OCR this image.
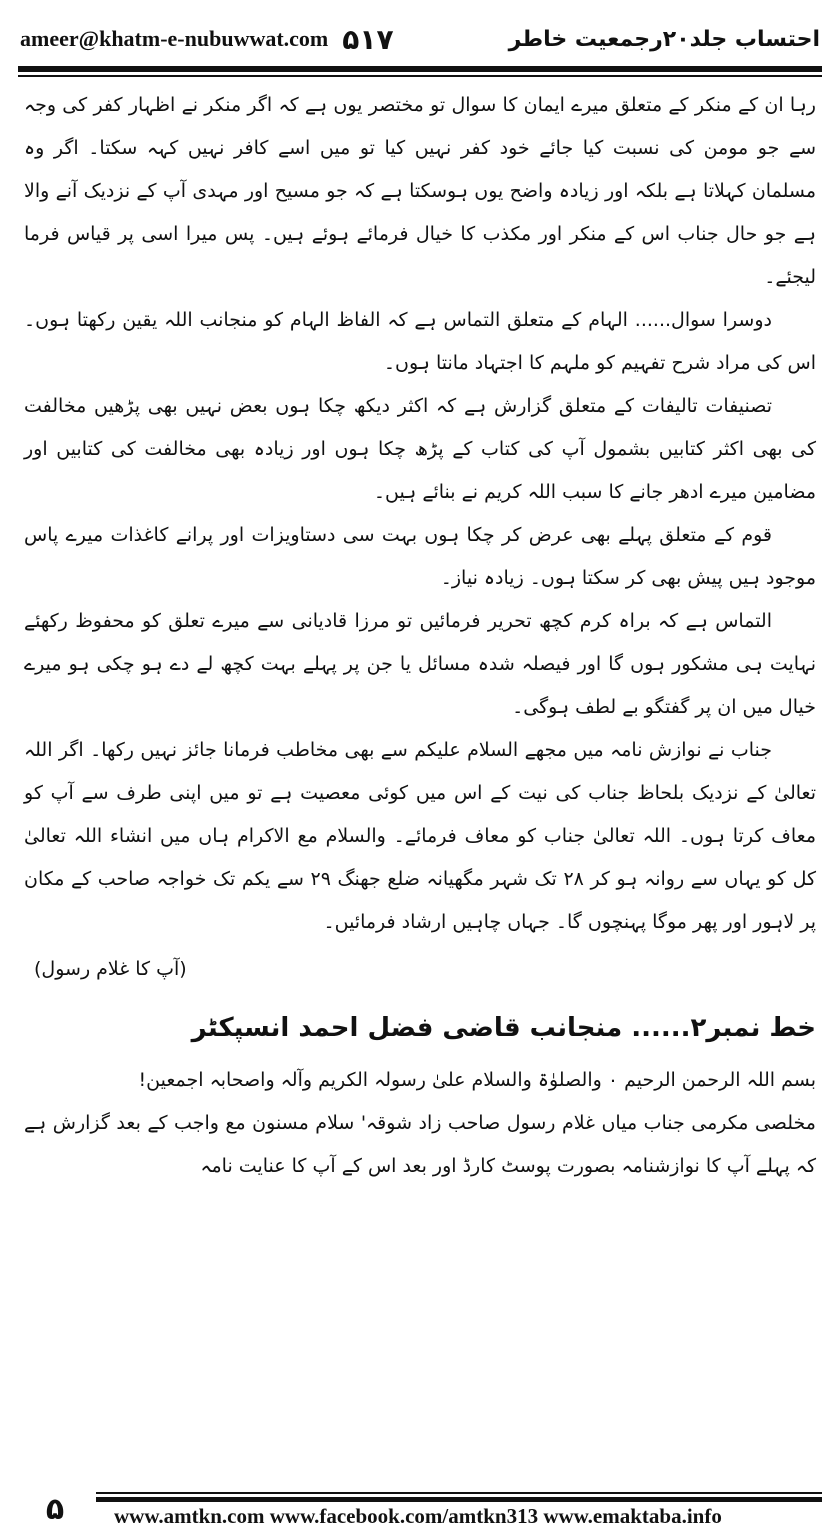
ameer@khatm-e-nubuwwat.com ۵۱۷	احتساب جلد۲۰رجمعیت خاطر

رہا ان کے منکر کے متعلق میرے ایمان کا سوال تو مختصر یوں ہے کہ اگر منکر نے اظہار کفر کی وجہ سے جو مومن کی نسبت کیا جائے خود کفر نہیں کیا تو میں اسے کافر نہیں کہہ سکتا۔ اگر وہ مسلمان کہلاتا ہے بلکہ اور زیادہ واضح یوں ہوسکتا ہے کہ جو مسیح اور مہدی آپ کے نزدیک آنے والا ہے جو حال جناب اس کے منکر اور مکذب کا خیال فرمائے ہوئے ہیں۔ پس میرا اسی پر قیاس فرما لیجئے۔

دوسرا سوال...... الہام کے متعلق التماس ہے کہ الفاظ الہام کو منجانب اللہ یقین رکھتا ہوں۔ اس کی مراد شرح تفہیم کو ملہم کا اجتہاد مانتا ہوں۔

تصنیفات تالیفات کے متعلق گزارش ہے کہ اکثر دیکھ چکا ہوں بعض نہیں بھی پڑھیں مخالفت کی بھی اکثر کتابیں بشمول آپ کی کتاب کے پڑھ چکا ہوں اور زیادہ بھی مخالفت کی کتابیں اور مضامین میرے ادھر جانے کا سبب اللہ کریم نے بنائے ہیں۔

قوم کے متعلق پہلے بھی عرض کر چکا ہوں بہت سی دستاویزات اور پرانے کاغذات میرے پاس موجود ہیں پیش بھی کر سکتا ہوں۔ زیادہ نیاز۔

التماس ہے کہ براہ کرم کچھ تحریر فرمائیں تو مرزا قادیانی سے میرے تعلق کو محفوظ رکھئے نہایت ہی مشکور ہوں گا اور فیصلہ شدہ مسائل یا جن پر پہلے بہت کچھ لے دے ہو چکی ہو میرے خیال میں ان پر گفتگو بے لطف ہوگی۔

جناب نے نوازش نامہ میں مجھے السلام علیکم سے بھی مخاطب فرمانا جائز نہیں رکھا۔ اگر اللہ تعالیٰ کے نزدیک بلحاظ جناب کی نیت کے اس میں کوئی معصیت ہے تو میں اپنی طرف سے آپ کو معاف کرتا ہوں۔ اللہ تعالیٰ جناب کو معاف فرمائے۔ والسلام مع الاکرام ہاں میں انشاء اللہ تعالیٰ کل کو یہاں سے روانہ ہو کر ۲۸ تک شہر مگھیانہ ضلع جھنگ ۲۹ سے یکم تک خواجہ صاحب کے مکان پر لاہور اور پھر موگا پہنچوں گا۔ جہاں چاہیں ارشاد فرمائیں۔

(آپ کا غلام رسول)

خط نمبر۲...... منجانب قاضی فضل احمد انسپکٹر

بسم اللہ الرحمن الرحیم ۰ والصلوٰۃ والسلام علیٰ رسولہ الکریم وآلہ واصحابہ اجمعین!

مخلصی مکرمی جناب میاں غلام رسول صاحب زاد شوقہ' سلام مسنون مع واجب کے بعد گزارش ہے کہ پہلے آپ کا نوازشنامہ بصورت پوسٹ کارڈ اور بعد اس کے آپ کا عنایت نامہ

۵	www.amtkn.com www.facebook.com/amtkn313 www.emaktaba.info
